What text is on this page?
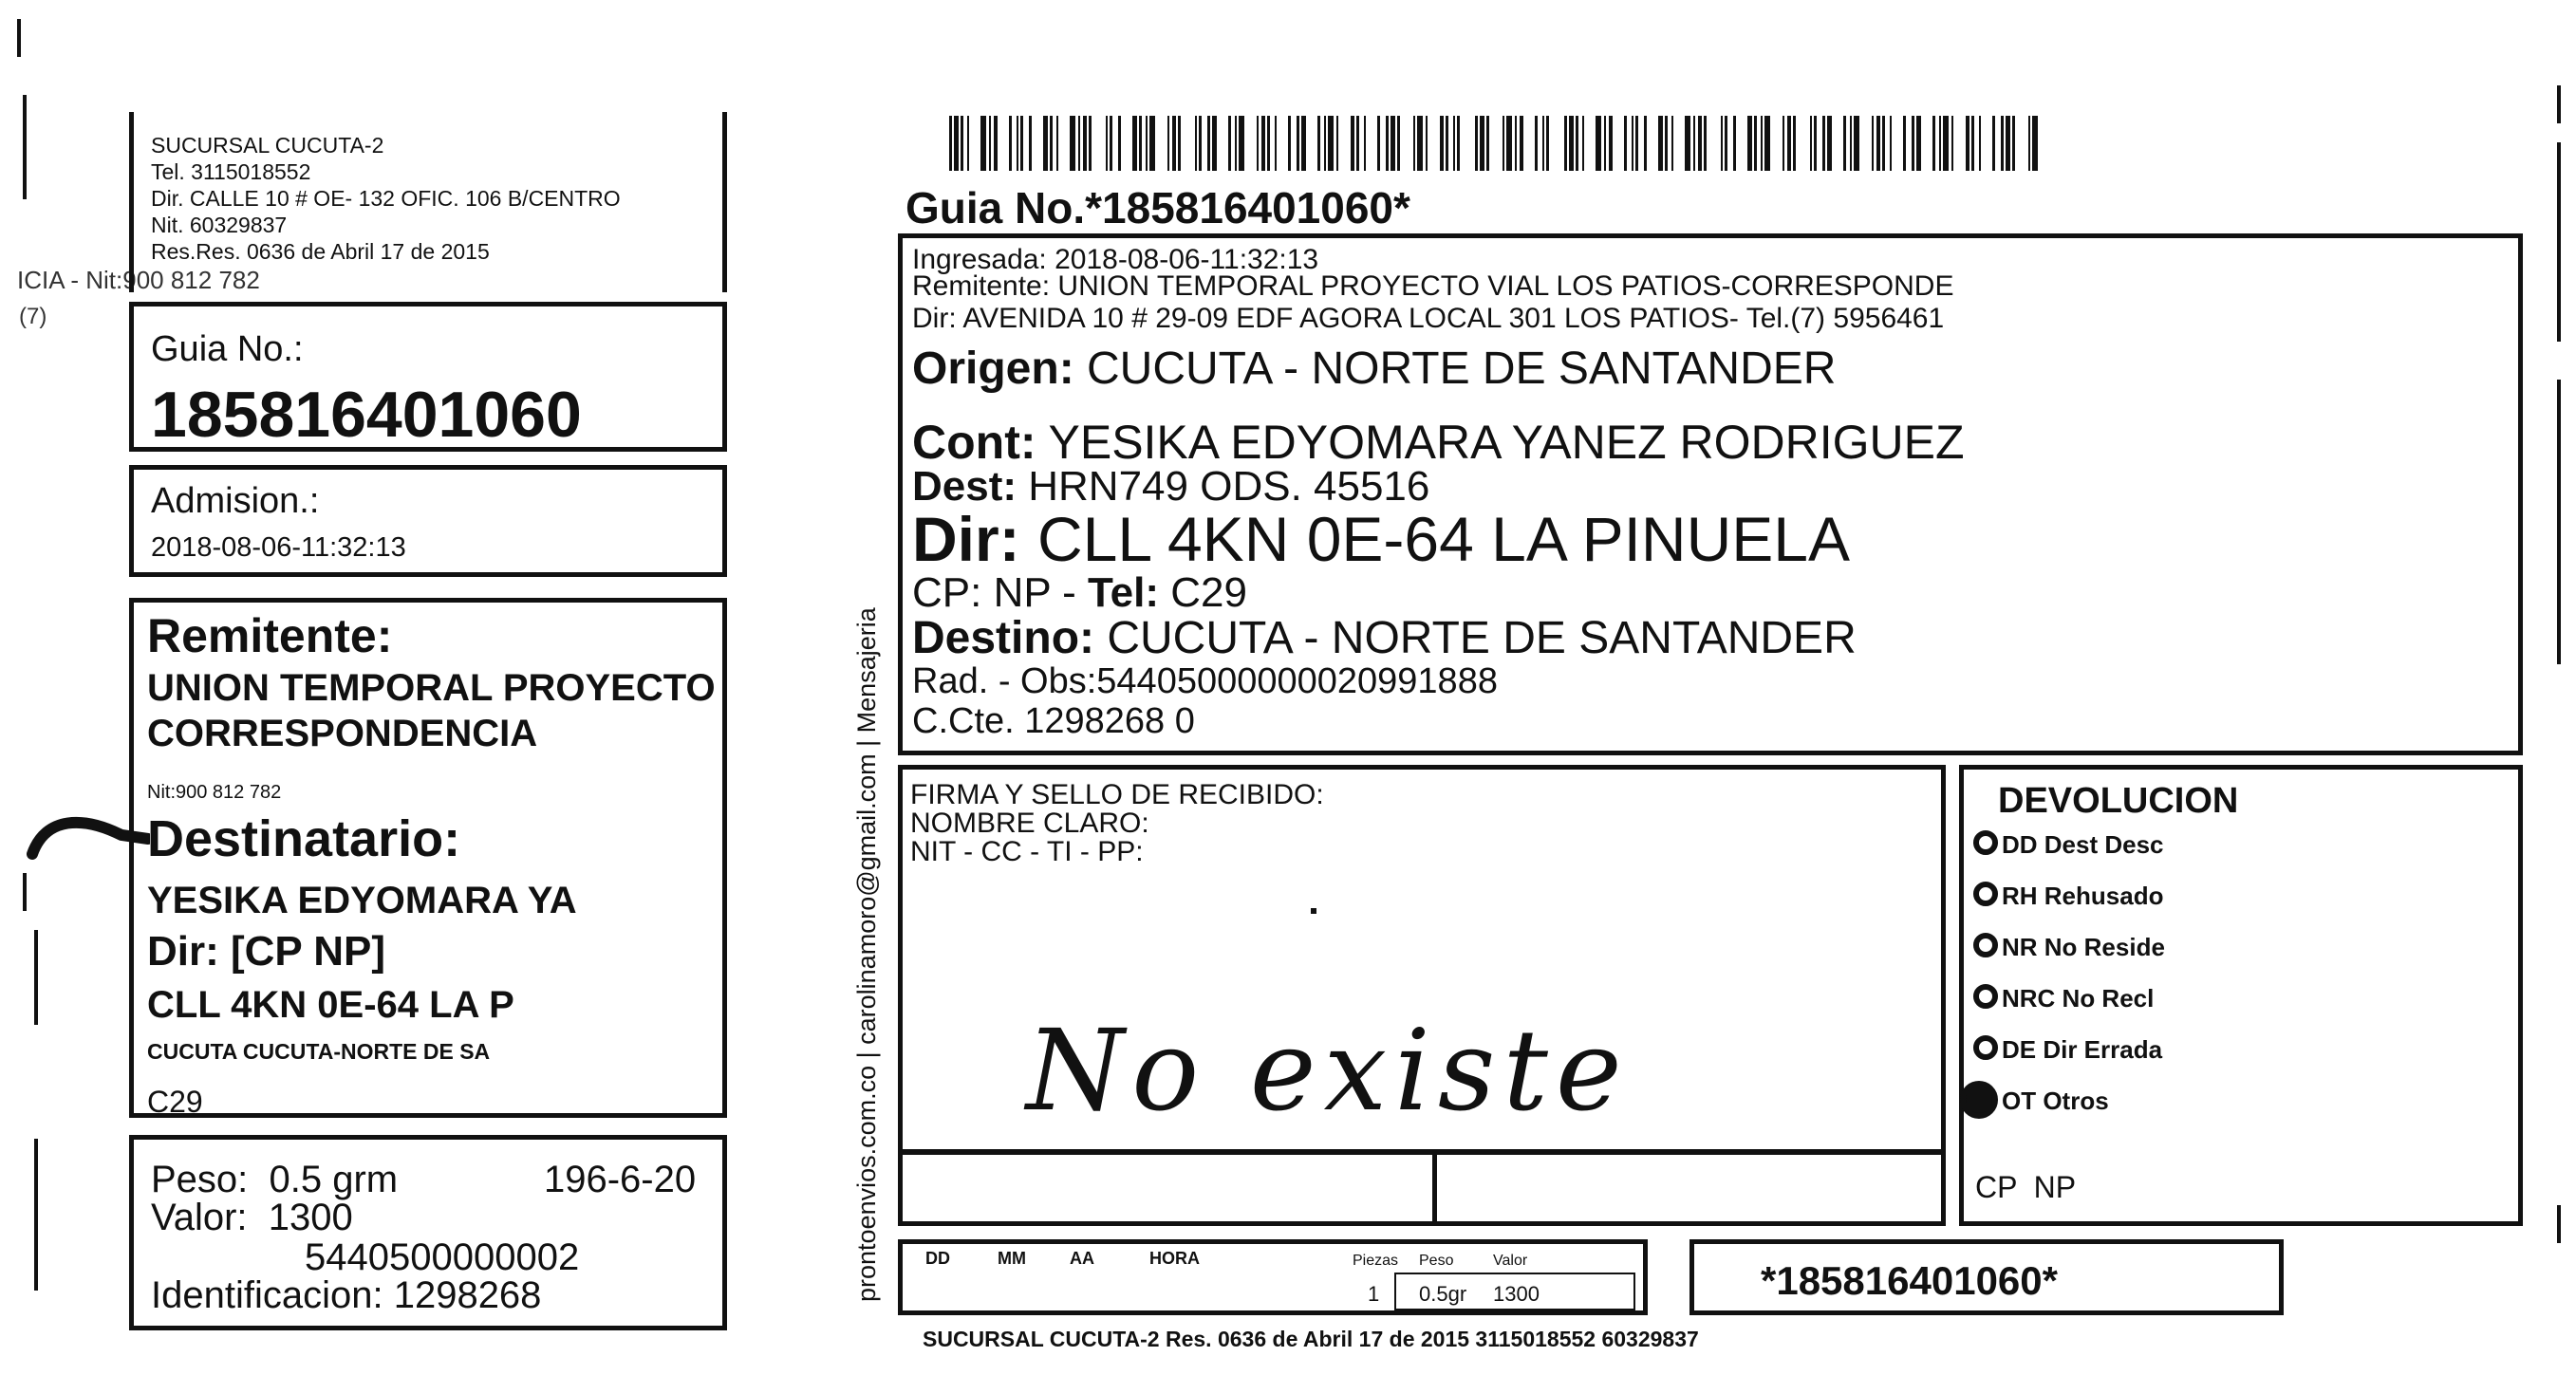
ICIA - Nit:900 812 782
(7)
SUCURSAL CUCUTA-2
Tel. 3115018552
Dir. CALLE 10 # OE- 132 OFIC. 106 B/CENTRO
Nit. 60329837
Res.Res. 0636 de Abril 17 de 2015
Guia No.:
185816401060
Admision.:
2018-08-06-11:32:13
Remitente:
UNION TEMPORAL PROYECTO
CORRESPONDENCIA
Nit:900 812 782
Destinatario:
YESIKA EDYOMARA YA
Dir: [CP NP]
CLL 4KN 0E-64 LA P
CUCUTA CUCUTA-NORTE DE SA
C29
Peso:  0.5 grm	196-6-20
Valor:  1300
5440500000002
Identificacion: 1298268
Guia No.*185816401060*
Ingresada: 2018-08-06-11:32:13
Remitente: UNION TEMPORAL PROYECTO VIAL LOS PATIOS-CORRESPONDE
Dir: AVENIDA 10 # 29-09 EDF AGORA LOCAL 301 LOS PATIOS- Tel.(7) 5956461
Origen: CUCUTA - NORTE DE SANTANDER
Cont: YESIKA EDYOMARA YANEZ RODRIGUEZ
Dest: HRN749 ODS. 45516
Dir: CLL 4KN 0E-64 LA PINUELA
CP: NP - Tel: C29
Destino: CUCUTA - NORTE DE SANTANDER
Rad. - Obs:54405000000020991888
C.Cte. 1298268 0
prontoenvios.com.co | carolinamoro@gmail.com | Mensajeria FIRMA Y SELLO DE RECIBIDO:
NOMBRE CLARO:
NIT - CC - TI - PP:
No existe
DEVOLUCION
DD Dest Desc
RH Rehusado
NR No Reside
NRC No Recl
DE Dir Errada
OT Otros
CP  NP
DD	MM	AA	HORA	Piezas Peso	Valor
1 0.5gr 1300	*185816401060*
SUCURSAL CUCUTA-2 Res. 0636 de Abril 17 de 2015 3115018552 60329837
